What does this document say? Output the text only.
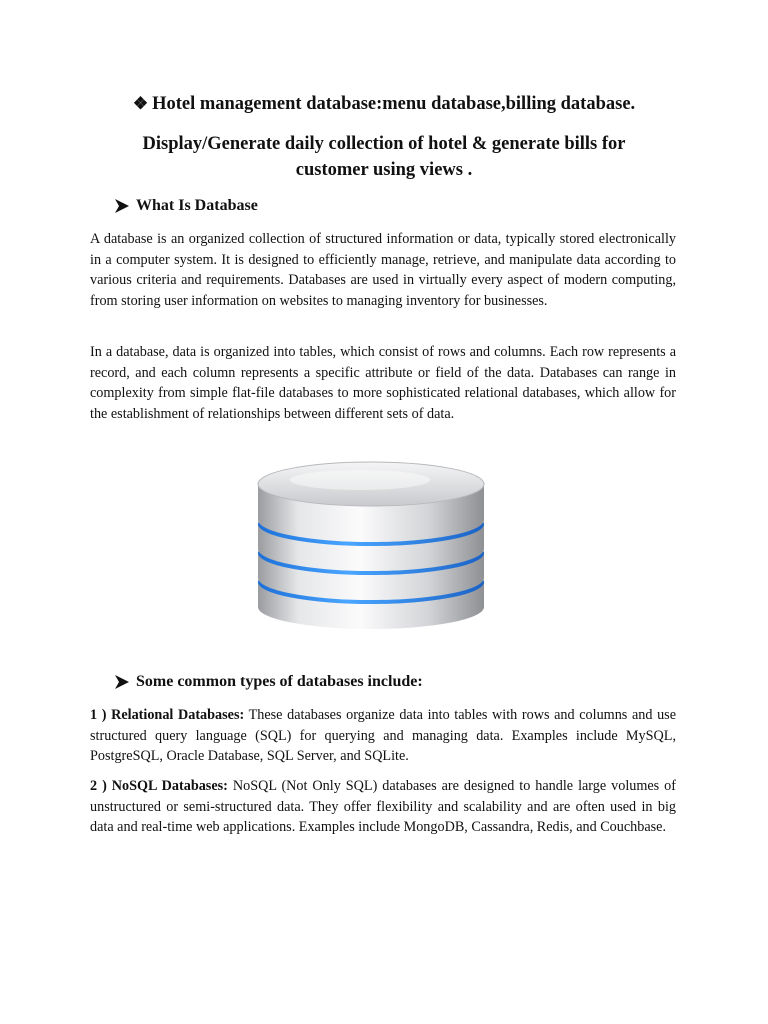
❖ Hotel management database:menu database,billing database.
Display/Generate daily collection of hotel & generate bills for
customer using views .
What Is Database

A database is an organized collection of structured information or data, typically stored electronically in a computer system. It is designed to efficiently manage, retrieve, and manipulate data according to various criteria and requirements. Databases are used in virtually every aspect of modern computing, from storing user information on websites to managing inventory for businesses.

In a database, data is organized into tables, which consist of rows and columns. Each row represents a record, and each column represents a specific attribute or field of the data. Databases can range in complexity from simple flat-file databases to more sophisticated relational databases, which allow for the establishment of relationships between different sets of data.

Some common types of databases include:

1 ) Relational Databases: These databases organize data into tables with rows and columns and use structured query language (SQL) for querying and managing data. Examples include MySQL, PostgreSQL, Oracle Database, SQL Server, and SQLite.

2 ) NoSQL Databases: NoSQL (Not Only SQL) databases are designed to handle large volumes of unstructured or semi-structured data. They offer flexibility and scalability and are often used in big data and real-time web applications. Examples include MongoDB, Cassandra, Redis, and Couchbase.
